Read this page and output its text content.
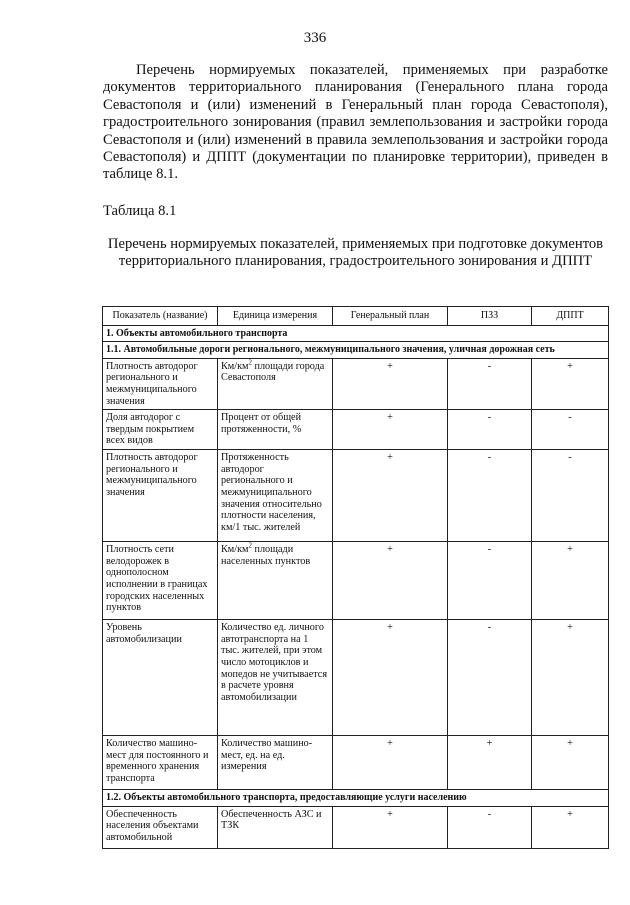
336

Перечень нормируемых показателей, применяемых при разработке документов территориального планирования (Генерального плана города Севастополя и (или) изменений в Генеральный план города Севастополя), градостроительного зонирования (правил землепользования и застройки города Севастополя и (или) изменений в правила землепользования и застройки города Севастополя) и ДППТ (документации по планировке территории), приведен в таблице 8.1.

Таблица 8.1
Перечень нормируемых показателей, применяемых при подготовке документов территориального планирования, градостроительного зонирования и ДППТ
Показатель (название)	Единица измерения	Генеральный план	ПЗЗ	ДППТ
1. Объекты автомобильного транспорта				
1.1. Автомобильные дороги регионального, межмуниципального значения, уличная дорожная сеть				
Плотность автодорог регионального и межмуниципального значения	$Км/км^2$ площади города Севастополя	+	-	+
Доля автодорог с твердым покрытием всех видов	Процент от общей протяженности, %	+	-	-
Плотность автодорог регионального и межмуниципального значения	Протяженность автодорог регионального и межмуниципального значения относительно плотности населения, км/1 тыс. жителей	+	-	-
Плотность сети велодорожек в однополосном исполнении в границах городских населенных пунктов	$Км/км^2$ площади населенных пунктов	+	-	+
Уровень автомобилизации	Количество ед. личного автотранспорта на 1 тыс. жителей, при этом число мотоциклов и мопедов не учитывается в расчете уровня автомобилизации	+	-	+
Количество машино-мест для постоянного и временного хранения транспорта	Количество машино-мест, ед. на ед. измерения	+	+	+
1.2. Объекты автомобильного транспорта, предоставляющие услуги населению				
Обеспеченность населения объектами автомобильной	Обеспеченность АЗС и ТЗК	+	-	+
